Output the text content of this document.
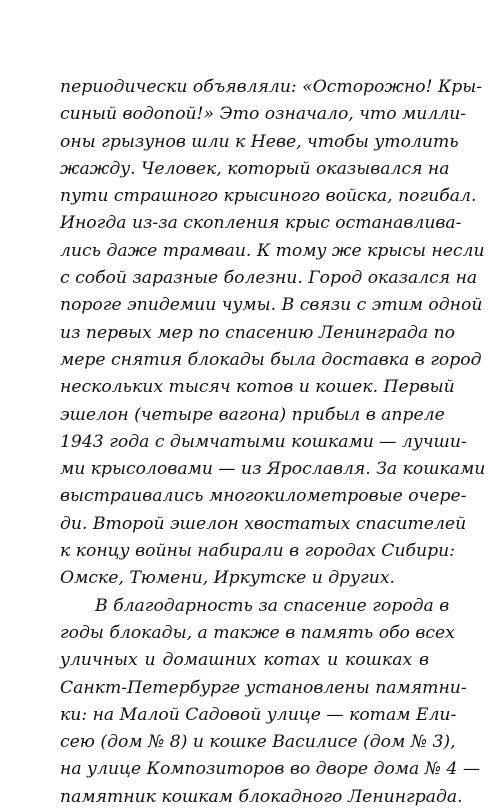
периодически объявляли: «Осторожно! Кры-
синый водопой!» Это означало, что милли-
оны грызунов шли к Неве, чтобы утолить
жажду. Человек, который оказывался на
пути страшного крысиного войска, погибал.
Иногда из-за скопления крыс останавлива-
лись даже трамваи. К тому же крысы несли
с собой заразные болезни. Город оказался на
пороге эпидемии чумы. В связи с этим одной
из первых мер по спасению Ленинграда по
мере снятия блокады была доставка в город
нескольких тысяч котов и кошек. Первый
эшелон (четыре вагона) прибыл в апреле
1943 года с дымчатыми кошками — лучши-
ми крысоловами — из Ярославля. За кошками
выстраивались многокилометровые очере-
ди. Второй эшелон хвостатых спасителей
к концу войны набирали в городах Сибири:
Омске, Тюмени, Иркутске и других.
В благодарность за спасение города в
годы блокады, а также в память обо всех
уличных и домашних котах и кошках в
Санкт-Петербурге установлены памятни-
ки: на Малой Садовой улице — котам Ели-
сею (дом № 8) и кошке Василисе (дом № 3),
на улице Композиторов во дворе дома № 4 —
памятник кошкам блокадного Ленинграда.
